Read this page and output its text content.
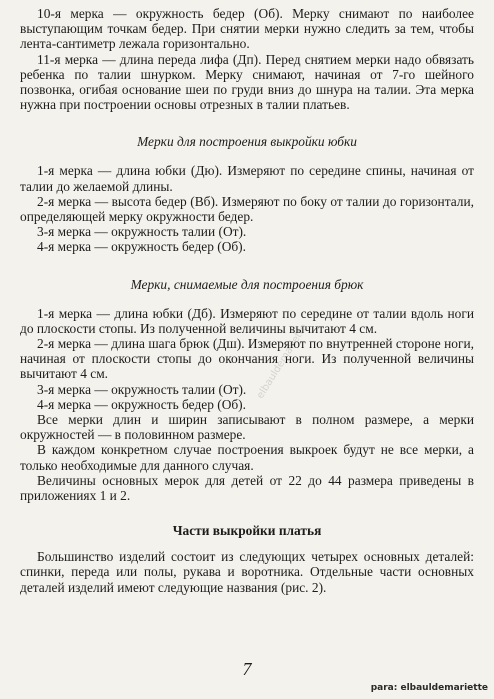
10-я мерка — окружность бедер (Об). Мерку снимают по наиболее выступающим точкам бедер. При снятии мерки нужно следить за тем, чтобы лента-сантиметр лежала горизонтально.

11-я мерка — длина переда лифа (Дп). Перед снятием мерки надо обвязать ребенка по талии шнурком. Мерку снимают, начиная от 7-го шейного позвонка, огибая основание шеи по груди вниз до шнура на талии. Эта мерка нужна при построении основы отрезных в талии платьев.

Мерки для построения выкройки юбки

1-я мерка — длина юбки (Дю). Измеряют по середине спины, начиная от талии до желаемой длины.

2-я мерка — высота бедер (Вб). Измеряют по боку от талии до горизонтали, определяющей мерку окружности бедер.

3-я мерка — окружность талии (От).

4-я мерка — окружность бедер (Об).

Мерки, снимаемые для построения брюк

1-я мерка — длина юбки (Дб). Измеряют по середине от талии вдоль ноги до плоскости стопы. Из полученной величины вычитают 4 см.

2-я мерка — длина шага брюк (Дш). Измеряют по внутренней стороне ноги, начиная от плоскости стопы до окончания ноги. Из полученной величины вычитают 4 см.

3-я мерка — окружность талии (От).

4-я мерка — окружность бедер (Об).

Все мерки длин и ширин записывают в полном размере, а мерки окружностей — в половинном размере.

В каждом конкретном случае построения выкроек будут не все мерки, а только необходимые для данного случая.

Величины основных мерок для детей от 22 до 44 размера приведены в приложениях 1 и 2.

Части выкройки платья

Большинство изделий состоит из следующих четырех основных деталей: спинки, переда или полы, рукава и воротника. Отдельные части основных деталей изделий имеют следующие названия (рис. 2).

7
para: elbauldemariette
elbauldemariette
